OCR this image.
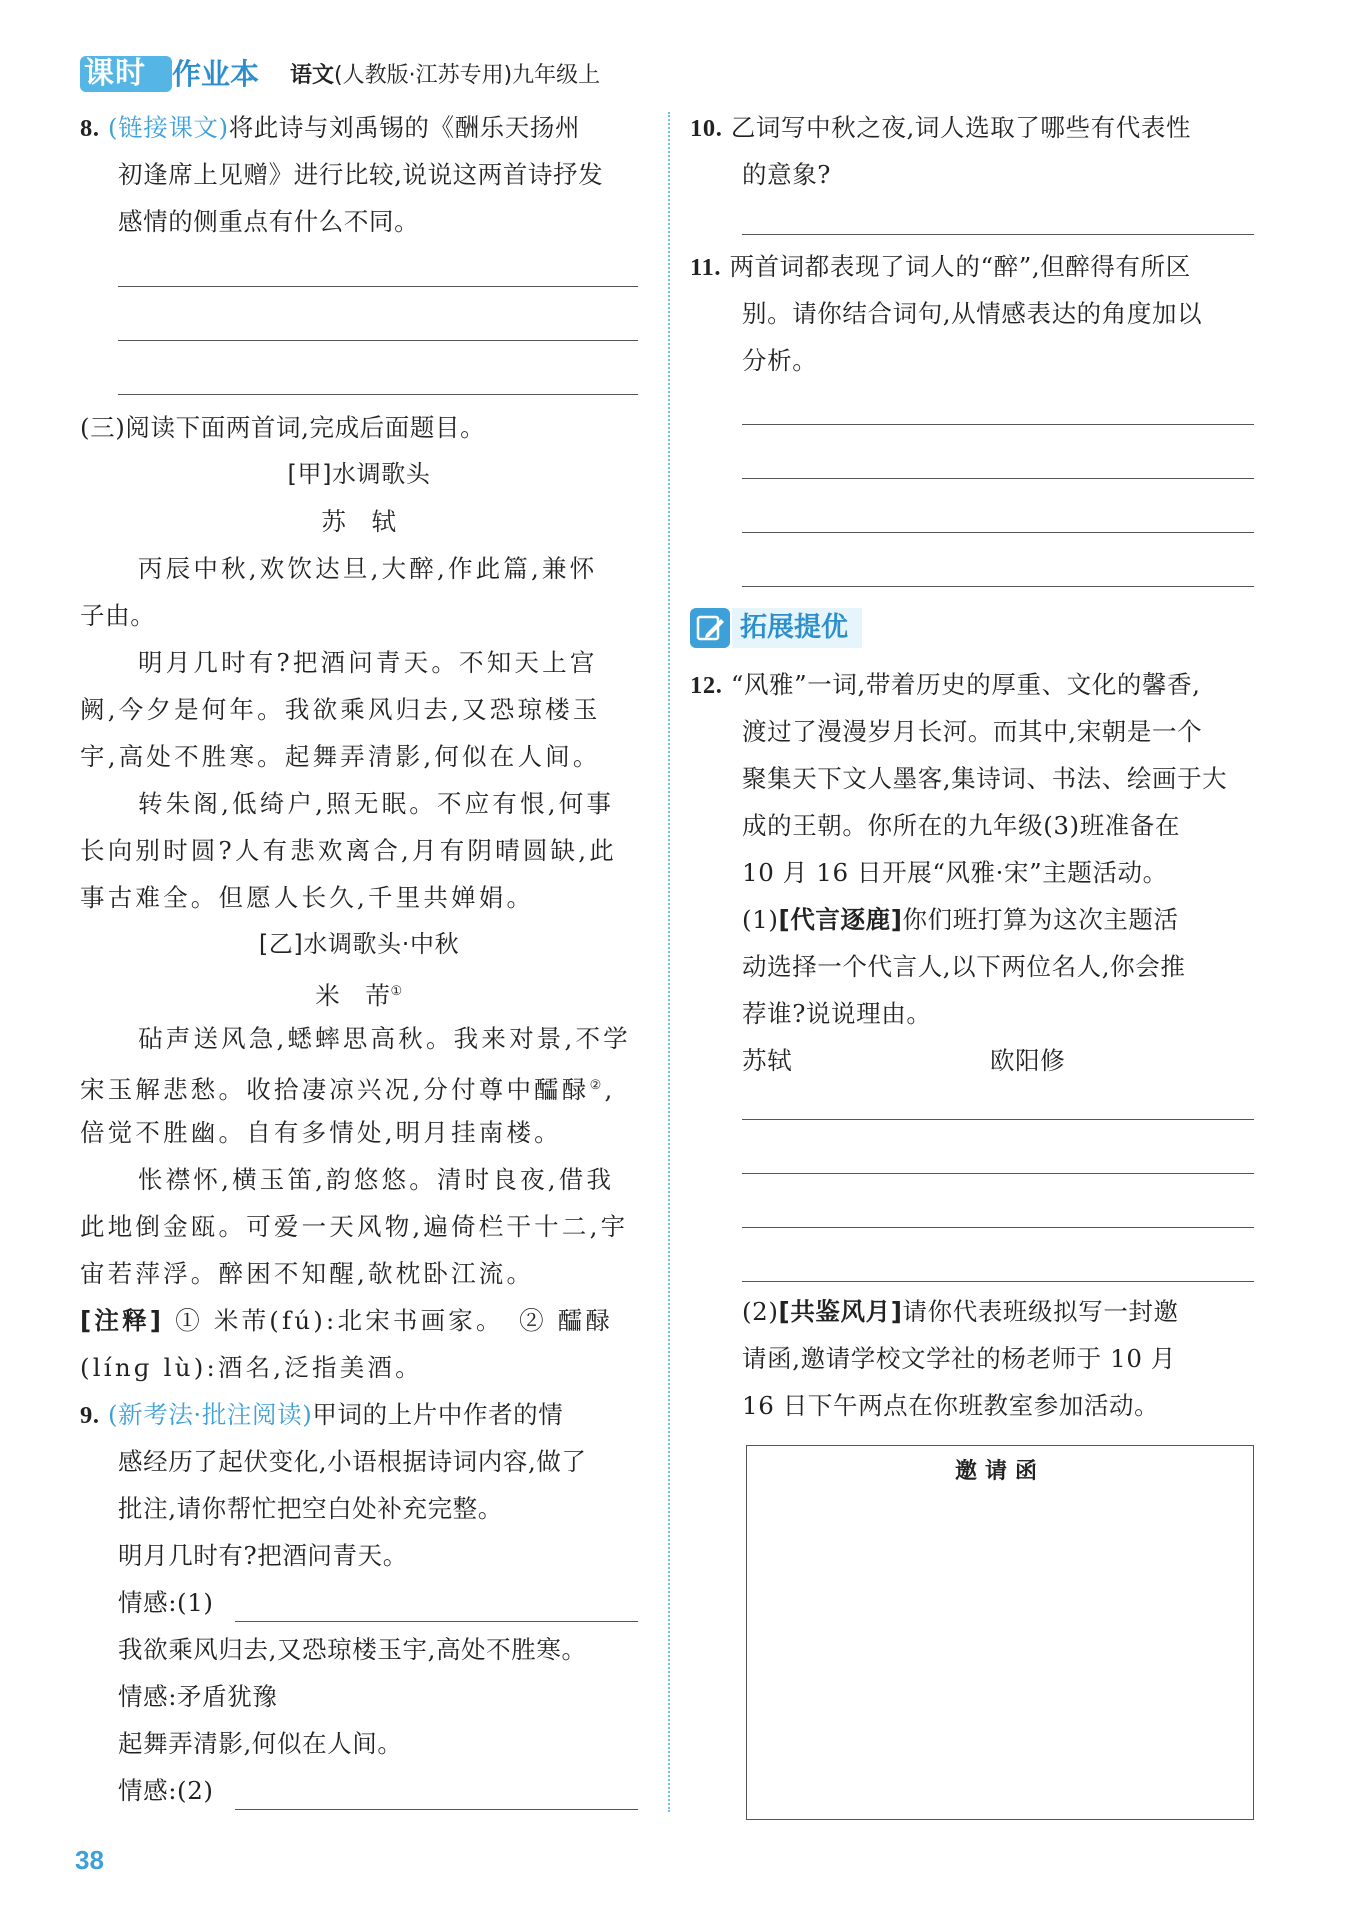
课时 作业本 语文(人教版·江苏专用)九年级上
8. (链接课文)将此诗与刘禹锡的《酬乐天扬州
初逢席上见赠》进行比较,说说这两首诗抒发
感情的侧重点有什么不同。
(三)阅读下面两首词,完成后面题目。
[甲]水调歌头
苏　轼
丙辰中秋,欢饮达旦,大醉,作此篇,兼怀
子由。
明月几时有?把酒问青天。不知天上宫
阙,今夕是何年。我欲乘风归去,又恐琼楼玉
宇,高处不胜寒。起舞弄清影,何似在人间。
转朱阁,低绮户,照无眠。不应有恨,何事
长向别时圆?人有悲欢离合,月有阴晴圆缺,此
事古难全。但愿人长久,千里共婵娟。
[乙]水调歌头·中秋
米　芾①
砧声送风急,蟋蟀思高秋。我来对景,不学
宋玉解悲愁。收拾凄凉兴况,分付尊中醽醁②,
倍觉不胜幽。自有多情处,明月挂南楼。
怅襟怀,横玉笛,韵悠悠。清时良夜,借我
此地倒金瓯。可爱一天风物,遍倚栏干十二,宇
宙若萍浮。醉困不知醒,欹枕卧江流。
[注释] ① 米芾(fú):北宋书画家。　② 醽醁
(línɡ lù):酒名,泛指美酒。
9. (新考法·批注阅读)甲词的上片中作者的情
感经历了起伏变化,小语根据诗词内容,做了
批注,请你帮忙把空白处补充完整。
明月几时有?把酒问青天。
情感:(1)
我欲乘风归去,又恐琼楼玉宇,高处不胜寒。
情感:矛盾犹豫
起舞弄清影,何似在人间。
情感:(2)
10. 乙词写中秋之夜,词人选取了哪些有代表性
的意象?
11. 两首词都表现了词人的“醉”,但醉得有所区
别。请你结合词句,从情感表达的角度加以
分析。
拓展提优
12. “风雅”一词,带着历史的厚重、文化的馨香,
渡过了漫漫岁月长河。而其中,宋朝是一个
聚集天下文人墨客,集诗词、书法、绘画于大
成的王朝。你所在的九年级(3)班准备在
10 月 16 日开展“风雅·宋”主题活动。
(1)[代言逐鹿]你们班打算为这次主题活
动选择一个代言人,以下两位名人,你会推
荐谁?说说理由。
苏轼	欧阳修
(2)[共鉴风月]请你代表班级拟写一封邀
请函,邀请学校文学社的杨老师于 10 月
16 日下午两点在你班教室参加活动。
邀请函
38
